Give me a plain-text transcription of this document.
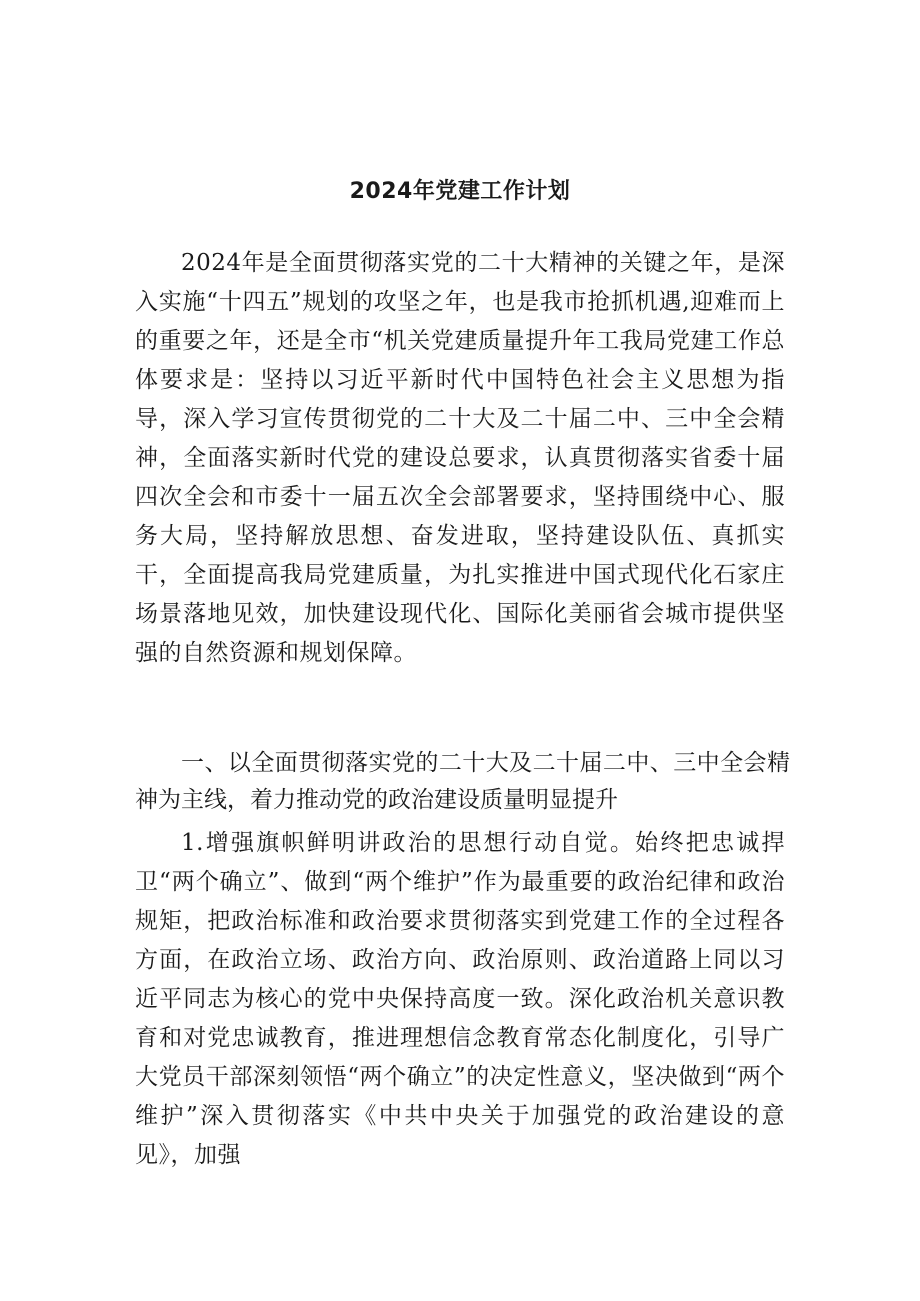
2024年党建工作计划

2024年是全面贯彻落实党的二十大精神的关键之年，是深入实施“十四五”规划的攻坚之年，也是我市抢抓机遇,迎难而上的重要之年，还是全市“机关党建质量提升年工我局党建工作总体要求是：坚持以习近平新时代中国特色社会主义思想为指导，深入学习宣传贯彻党的二十大及二十届二中、三中全会精神，全面落实新时代党的建设总要求，认真贯彻落实省委十届四次全会和市委十一届五次全会部署要求，坚持围绕中心、服务大局，坚持解放思想、奋发进取，坚持建设队伍、真抓实干，全面提高我局党建质量，为扎实推进中国式现代化石家庄场景落地见效，加快建设现代化、国际化美丽省会城市提供坚强的自然资源和规划保障。

一、以全面贯彻落实党的二十大及二十届二中、三中全会精神为主线，着力推动党的政治建设质量明显提升

1.增强旗帜鲜明讲政治的思想行动自觉。始终把忠诚捍卫“两个确立”、做到“两个维护”作为最重要的政治纪律和政治规矩，把政治标准和政治要求贯彻落实到党建工作的全过程各方面，在政治立场、政治方向、政治原则、政治道路上同以习近平同志为核心的党中央保持高度一致。深化政治机关意识教育和对党忠诚教育，推进理想信念教育常态化制度化，引导广大党员干部深刻领悟“两个确立”的决定性意义，坚决做到“两个维护”深入贯彻落实《中共中央关于加强党的政治建设的意见》，加强
